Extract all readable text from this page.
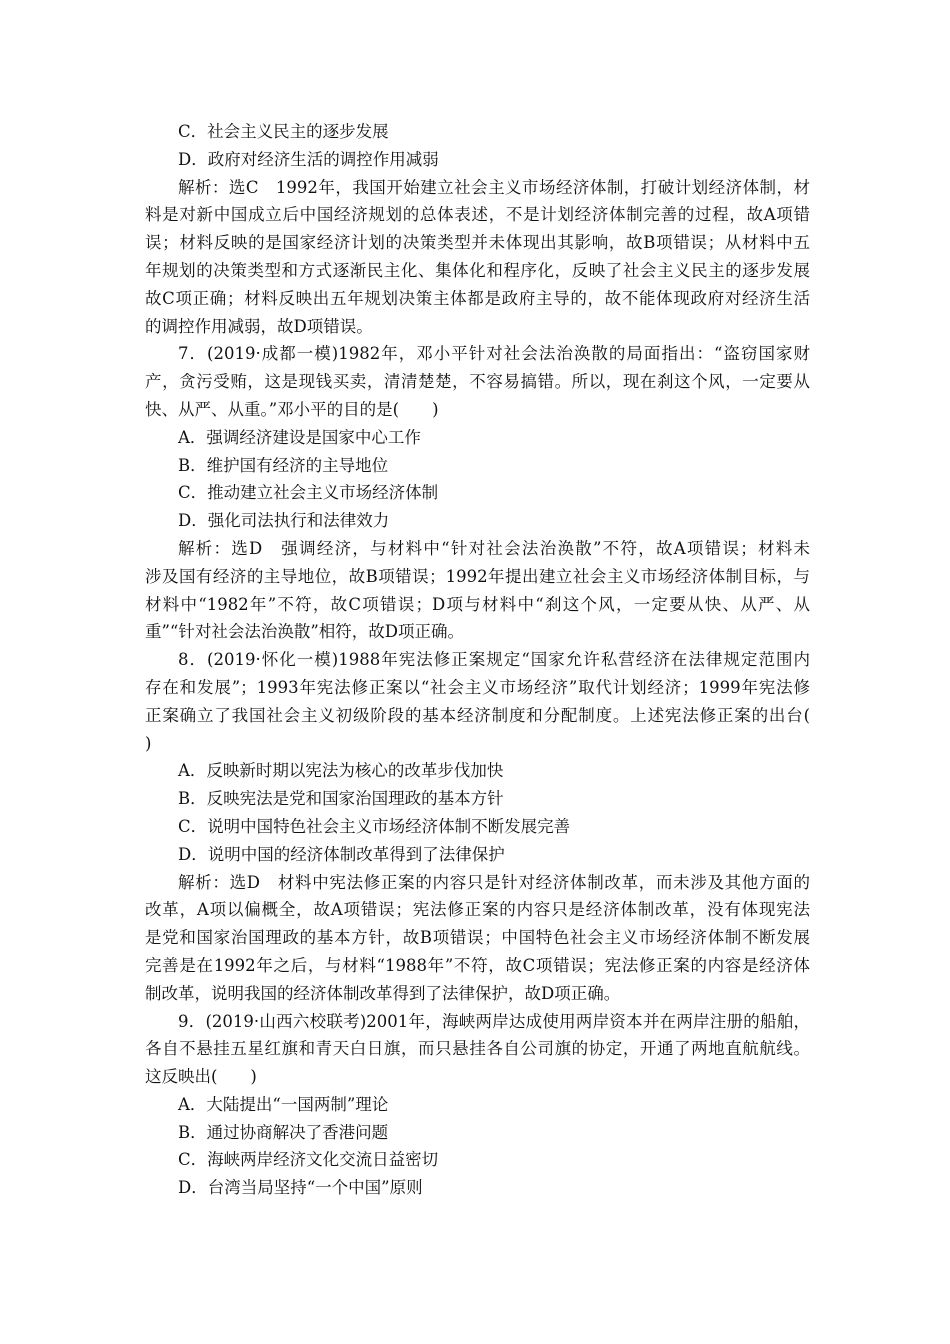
C．社会主义民主的逐步发展
D．政府对经济生活的调控作用减弱
解析：选C　1992年，我国开始建立社会主义市场经济体制，打破计划经济体制，材
料是对新中国成立后中国经济规划的总体表述，不是计划经济体制完善的过程，故A项错
误；材料反映的是国家经济计划的决策类型并未体现出其影响，故B项错误；从材料中五
年规划的决策类型和方式逐渐民主化、集体化和程序化，反映了社会主义民主的逐步发展
故C项正确；材料反映出五年规划决策主体都是政府主导的，故不能体现政府对经济生活
的调控作用减弱，故D项错误。
7．(2019·成都一模)1982年，邓小平针对社会法治涣散的局面指出：“盗窃国家财
产，贪污受贿，这是现钱买卖，清清楚楚，不容易搞错。所以，现在刹这个风，一定要从
快、从严、从重。”邓小平的目的是(　　)
A．强调经济建设是国家中心工作
B．维护国有经济的主导地位
C．推动建立社会主义市场经济体制
D．强化司法执行和法律效力
解析：选D　强调经济，与材料中“针对社会法治涣散”不符，故A项错误；材料未
涉及国有经济的主导地位，故B项错误；1992年提出建立社会主义市场经济体制目标，与
材料中“1982年”不符，故C项错误；D项与材料中“刹这个风，一定要从快、从严、从
重”“针对社会法治涣散”相符，故D项正确。
8．(2019·怀化一模)1988年宪法修正案规定“国家允许私营经济在法律规定范围内
存在和发展”；1993年宪法修正案以“社会主义市场经济”取代计划经济；1999年宪法修
正案确立了我国社会主义初级阶段的基本经济制度和分配制度。上述宪法修正案的出台(
)
A．反映新时期以宪法为核心的改革步伐加快
B．反映宪法是党和国家治国理政的基本方针
C．说明中国特色社会主义市场经济体制不断发展完善
D．说明中国的经济体制改革得到了法律保护
解析：选D　材料中宪法修正案的内容只是针对经济体制改革，而未涉及其他方面的
改革，A项以偏概全，故A项错误；宪法修正案的内容只是经济体制改革，没有体现宪法
是党和国家治国理政的基本方针，故B项错误；中国特色社会主义市场经济体制不断发展
完善是在1992年之后，与材料“1988年”不符，故C项错误；宪法修正案的内容是经济体
制改革，说明我国的经济体制改革得到了法律保护，故D项正确。
9．(2019·山西六校联考)2001年，海峡两岸达成使用两岸资本并在两岸注册的船舶，
各自不悬挂五星红旗和青天白日旗，而只悬挂各自公司旗的协定，开通了两地直航航线。
这反映出(　　)
A．大陆提出“一国两制”理论
B．通过协商解决了香港问题
C．海峡两岸经济文化交流日益密切
D．台湾当局坚持“一个中国”原则
